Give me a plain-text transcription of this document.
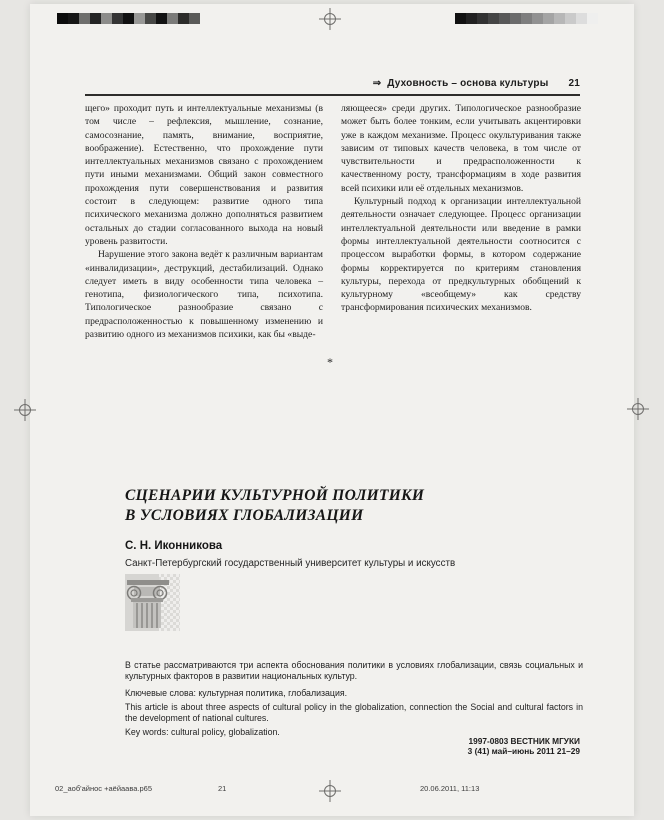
⇒ Духовность – основа культуры 21

щего» проходит путь и интеллектуальные механизмы (в том числе – рефлексия, мышление, сознание, самосознание, память, внимание, восприятие, воображение). Естественно, что прохождение пути интеллектуальных механизмов связано с прохождением пути иными механизмами. Общий закон совместного прохождения пути совершенствования и развития состоит в следующем: развитие одного типа психического механизма должно дополняться развитием остальных до стадии согласованного выхода на новый уровень развитости.

Нарушение этого закона ведёт к различным вариантам «инвалидизации», деструкций, дестабилизаций. Однако следует иметь в виду особенности типа человека – генотипа, физиологического типа, психотипа. Типологическое разнообразие связано с предрасположенностью к повышенному изменению и развитию одного из механизмов психики, как бы «выде-

ляющееся» среди других. Типологическое разнообразие может быть более тонким, если учитывать акцентировки уже в каждом механизме. Процесс окультуривания также зависим от типовых качеств человека, в том числе от чувствительности и предрасположенности к качественному росту, трансформациям в ходе развития всей психики или её отдельных механизмов.

Культурный подход к организации интеллектуальной деятельности означает следующее. Процесс организации интеллектуальной деятельности или введение в рамки формы интеллектуальной деятельности соотносится с процессом выработки формы, в котором содержание формы корректируется по критериям становления культуры, перехода от предкультурных обобщений к культурному «всеобщему» как средству трансформирования психических механизмов.

*
СЦЕНАРИИ КУЛЬТУРНОЙ ПОЛИТИКИ
В УСЛОВИЯХ ГЛОБАЛИЗАЦИИ
С. Н. Иконникова
Санкт-Петербургский государственный университет культуры и искусств

В статье рассматриваются три аспекта обоснования политики в условиях глобализации, связь социальных и культурных факторов в развитии национальных культур.

Ключевые слова: культурная политика, глобализация.

This article is about three aspects of cultural policy in the globalization, connection the Social and cultural factors in the development of national cultures.

Key words: cultural policy, globalization.

1997-0803 ВЕСТНИК МГУКИ
3 (41) май–июнь 2011 21–29
02_аоб'айнос +аёйаава.p65	21	20.06.2011, 11:13
